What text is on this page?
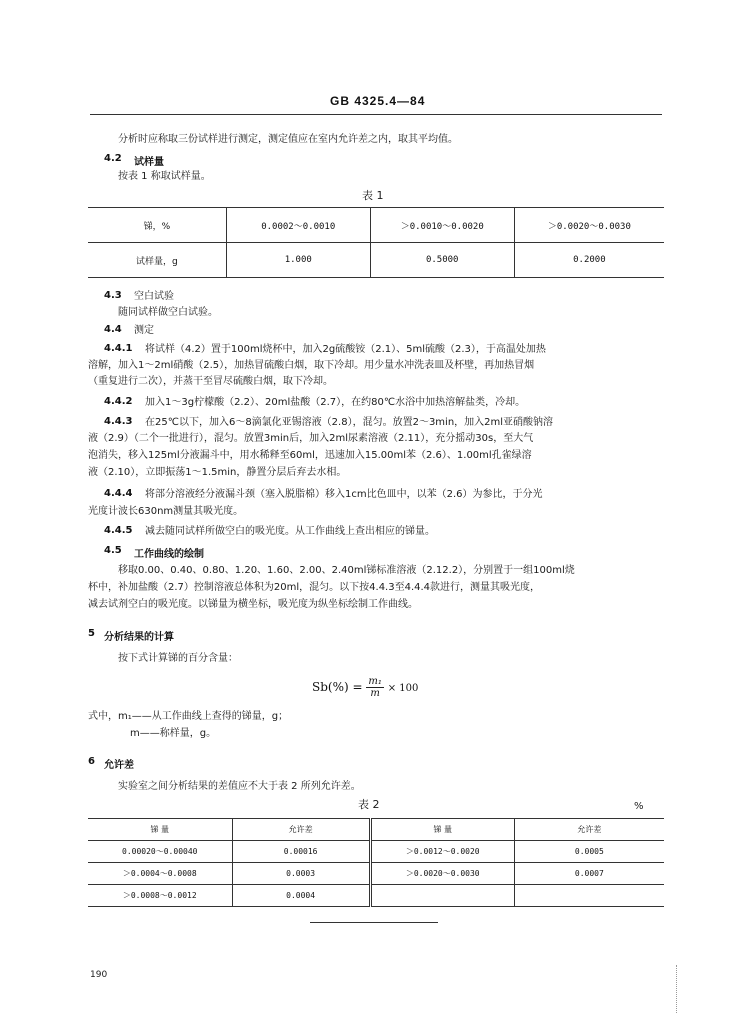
GB 4325.4—84
分析时应称取三份试样进行测定，测定值应在室内允许差之内，取其平均值。
4.2 试样量
按表 1 称取试样量。
表 1
锑，%	0.0002～0.0010	＞0.0010～0.0020	＞0.0020～0.0030
试样量，g	1.000	0.5000	0.2000
4.3 空白试验
随同试样做空白试验。
4.4 测定
4.4.1 将试样（4.2）置于100ml烧杯中，加入2g硫酸铵（2.1）、5ml硫酸（2.3），于高温处加热
溶解，加入1～2ml硝酸（2.5），加热冒硫酸白烟，取下冷却。用少量水冲洗表皿及杯壁，再加热冒烟
（重复进行二次），并蒸干至冒尽硫酸白烟，取下冷却。
4.4.2 加入1～3g柠檬酸（2.2）、20ml盐酸（2.7），在约80℃水浴中加热溶解盐类，冷却。
4.4.3 在25℃以下，加入6～8滴氯化亚锡溶液（2.8），混匀。放置2～3min，加入2ml亚硝酸钠溶
液（2.9）（二个一批进行），混匀。放置3min后，加入2ml尿素溶液（2.11），充分摇动30s，至大气
泡消失，移入125ml分液漏斗中，用水稀释至60ml，迅速加入15.00ml苯（2.6）、1.00ml孔雀绿溶
液（2.10），立即振荡1～1.5min，静置分层后弃去水相。
4.4.4 将部分溶液经分液漏斗颈（塞入脱脂棉）移入1cm比色皿中，以苯（2.6）为参比，于分光
光度计波长630nm测量其吸光度。
4.4.5 减去随同试样所做空白的吸光度。从工作曲线上查出相应的锑量。
4.5 工作曲线的绘制
移取0.00、0.40、0.80、1.20、1.60、2.00、2.40ml锑标准溶液（2.12.2），分别置于一组100ml烧
杯中，补加盐酸（2.7）控制溶液总体积为20ml，混匀。以下按4.4.3至4.4.4款进行，测量其吸光度，
减去试剂空白的吸光度。以锑量为横坐标，吸光度为纵坐标绘制工作曲线。
5 分析结果的计算
按下式计算锑的百分含量：
$Sb(\%) = \frac{\text{m₁}}{m} \times 100$
式中，m₁——从工作曲线上查得的锑量，g；
m——称样量，g。
6 允许差
实验室之间分析结果的差值应不大于表 2 所列允许差。
表 2	%
锑 量	允许差	锑 量	允许差
0.00020～0.00040	0.00016	＞0.0012～0.0020	0.0005
＞0.0004～0.0008	0.0003	＞0.0020～0.0030	0.0007
＞0.0008～0.0012	0.0004		
190
